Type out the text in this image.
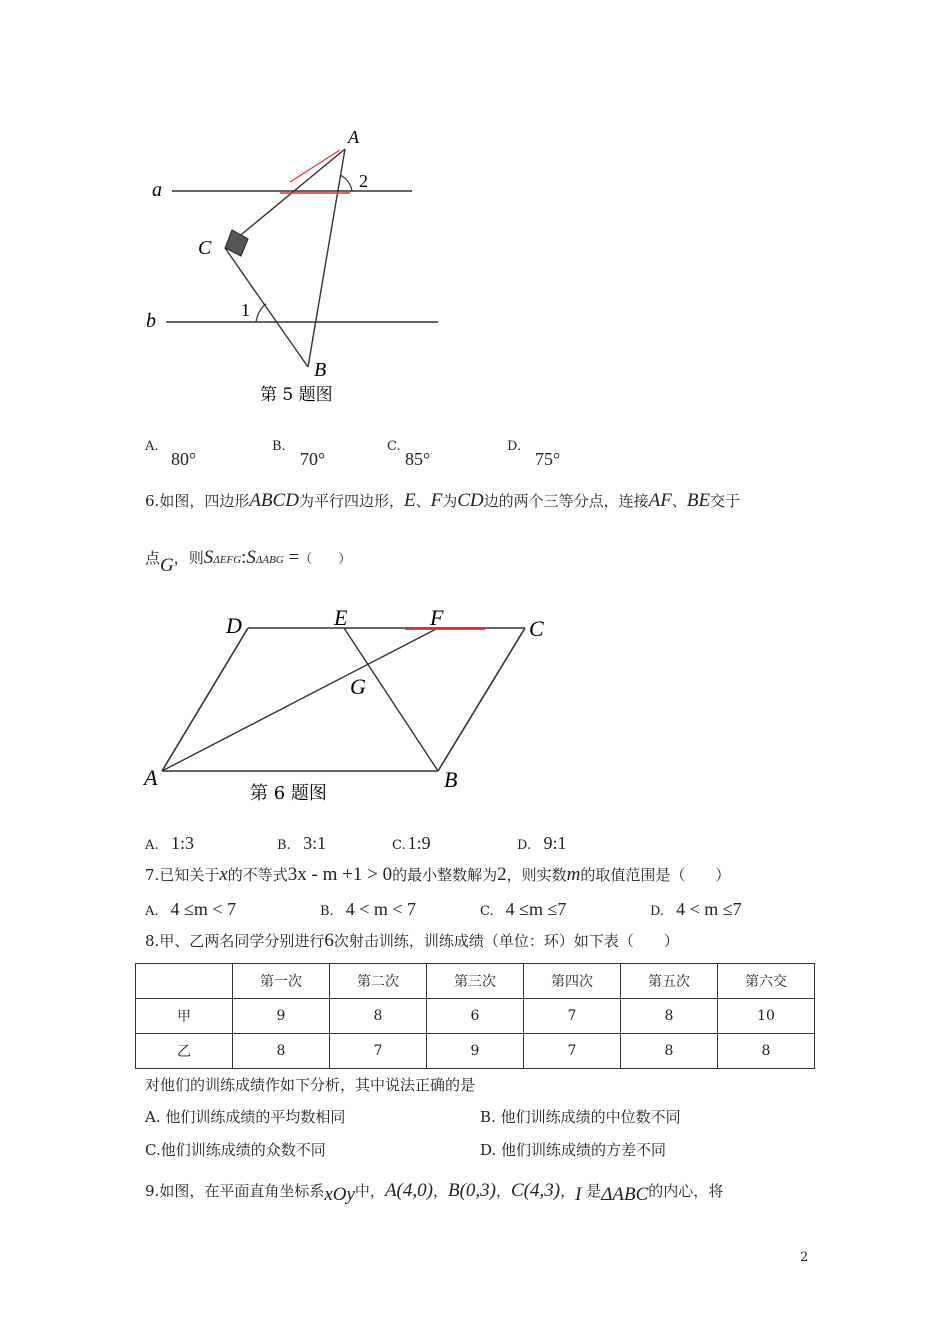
a
b
A
C
B
1
2
第 5 题图
A.
80°
B.
70°
C.
85°
D.
75°
6.如图，四边形ABCD为平行四边形，E、F为CD边的两个三等分点，连接AF、BE交于
点G，则SΔEFG:SΔABG =（　　）
D	E	F	C
G
A	B
第 6 题图
A. 1:3	B. 3:1	C. 1:9	D. 9:1
7.已知关于x的不等式3x - m +1 > 0的最小整数解为2，则实数m的取值范围是（　　）
A. 4 ≤m < 7	B. 4 < m < 7	C. 4 ≤m ≤7	D. 4 < m ≤7
8.甲、乙两名同学分别进行6次射击训练，训练成绩（单位：环）如下表（　　）
	第一次	第二次	第三次	第四次	第五次	第六交
甲	9	8	6	7	8	10
乙	8	7	9	7	8	8
对他们的训练成绩作如下分析，其中说法正确的是
A. 他们训练成绩的平均数相同	B. 他们训练成绩的中位数不同
C.他们训练成绩的众数不同	D. 他们训练成绩的方差不同
9.如图，在平面直角坐标系xOy中，A(4,0)，B(0,3)，C(4,3)，I 是ΔABC的内心，将
2
